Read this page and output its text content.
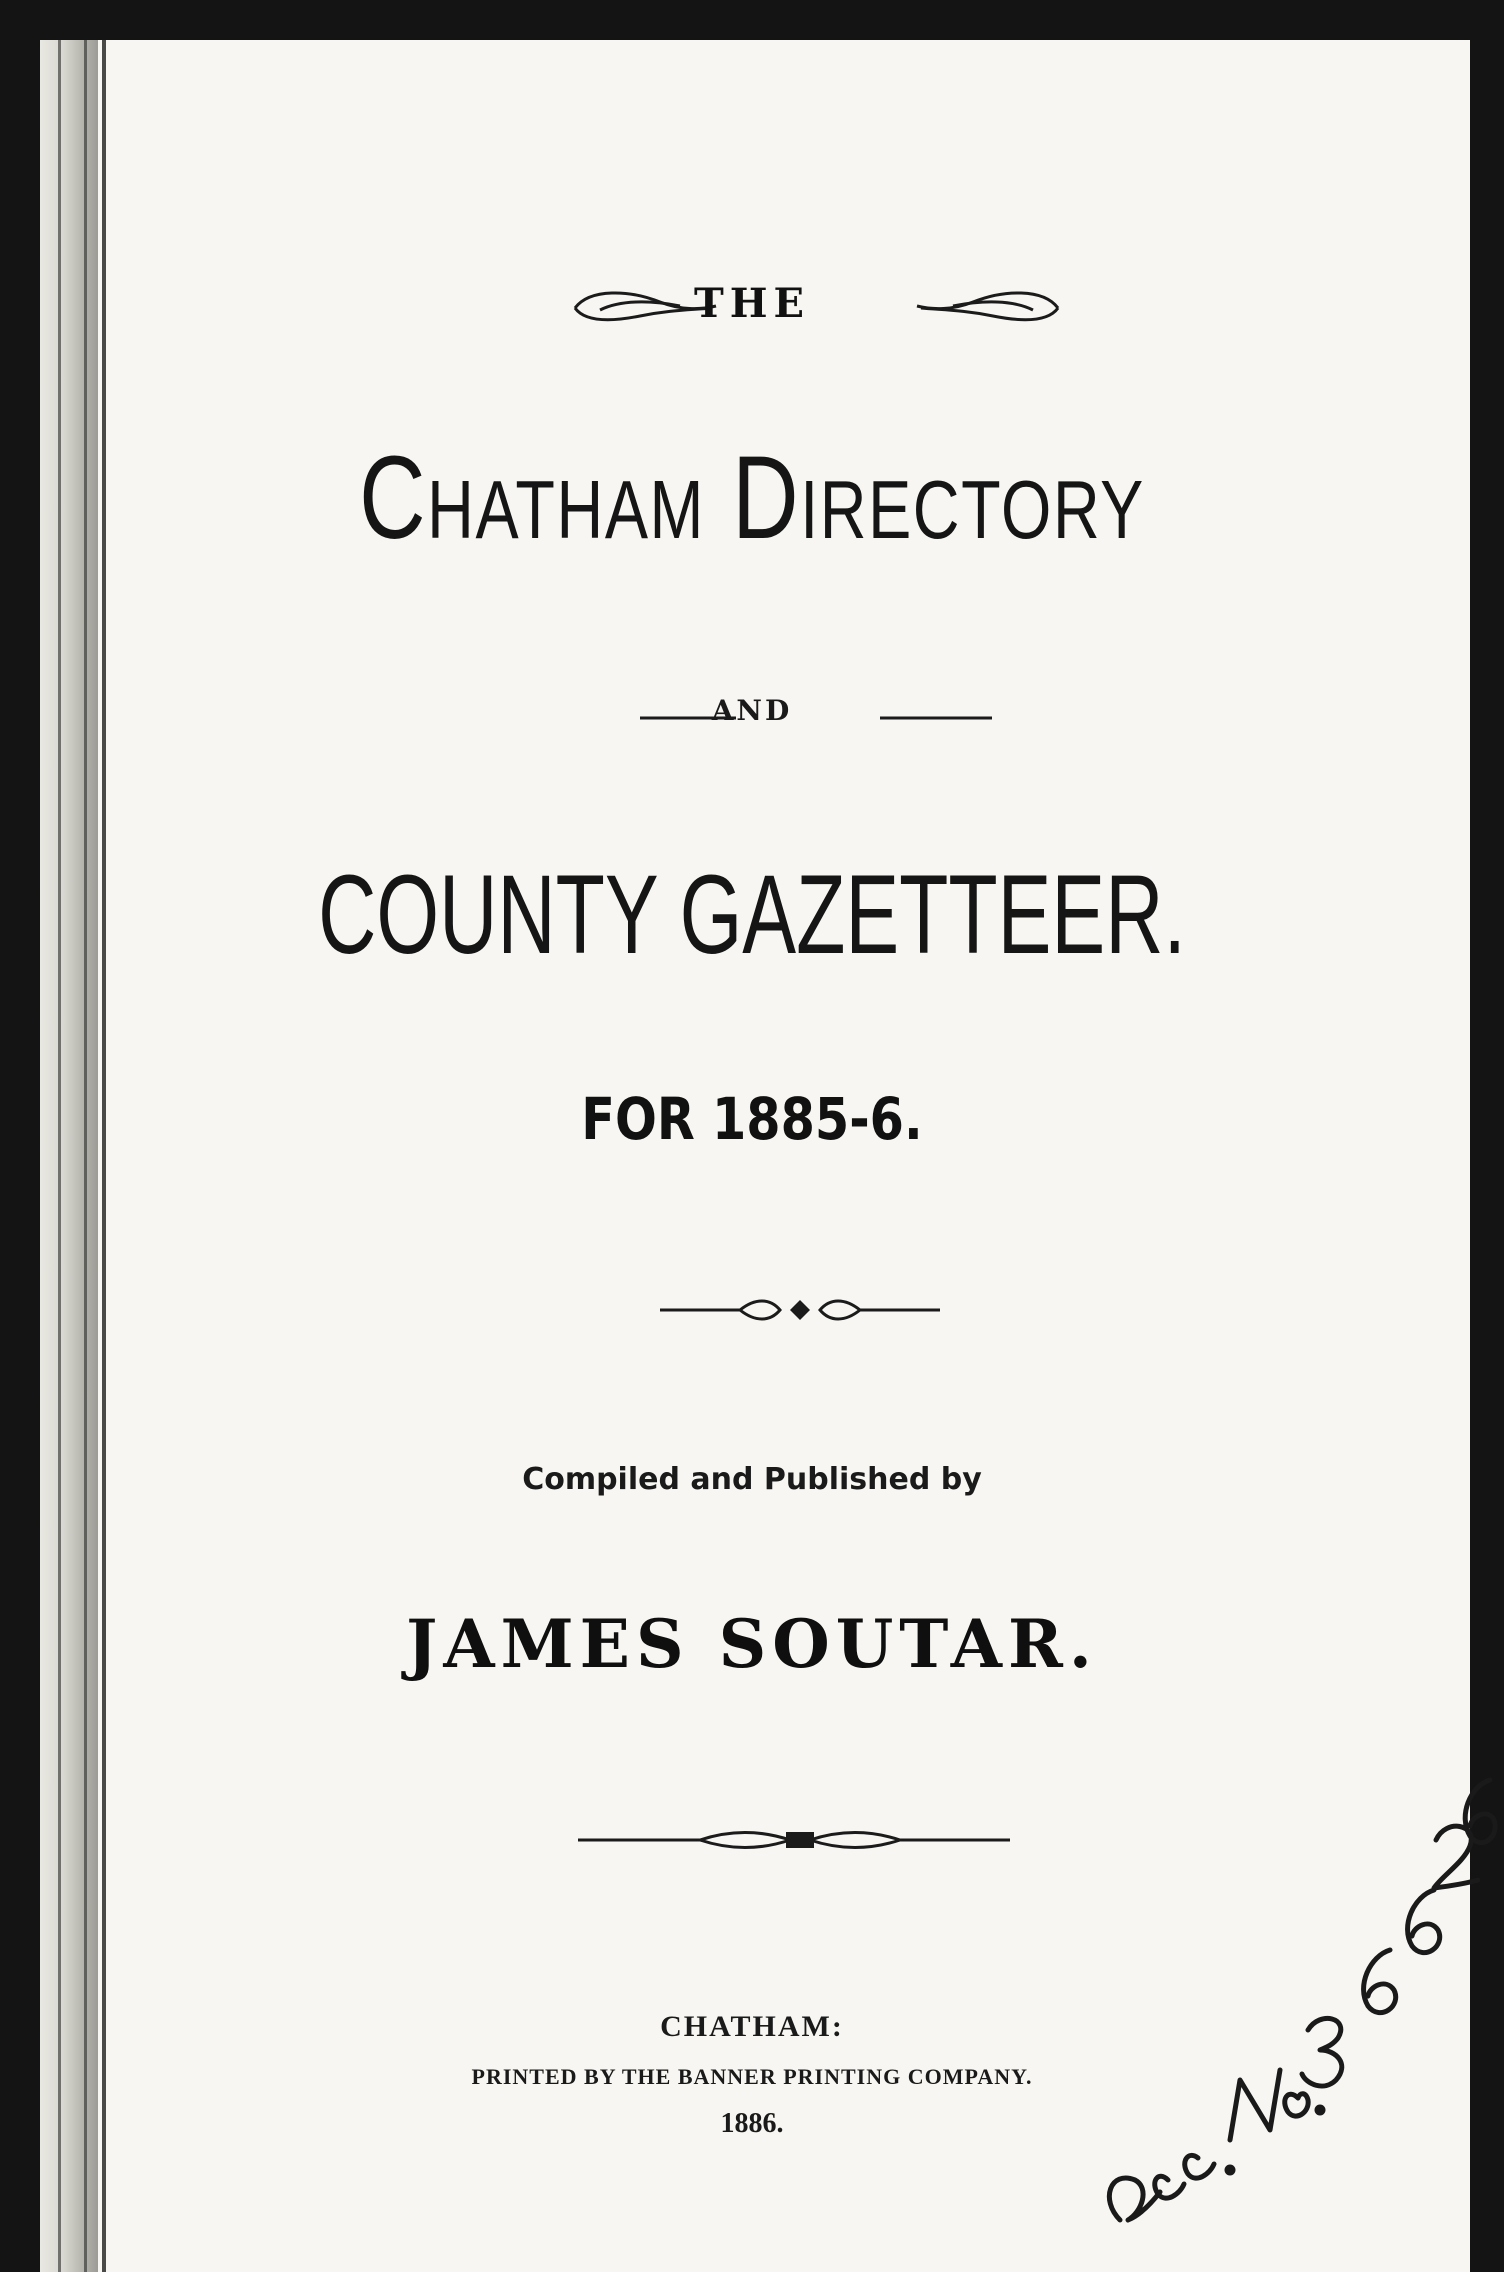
THE
Chatham Directory
AND
COUNTY GAZETTEER.
FOR 1885-6.
Compiled and Published by
JAMES SOUTAR.
CHATHAM:
PRINTED BY THE BANNER PRINTING COMPANY.
1886.
